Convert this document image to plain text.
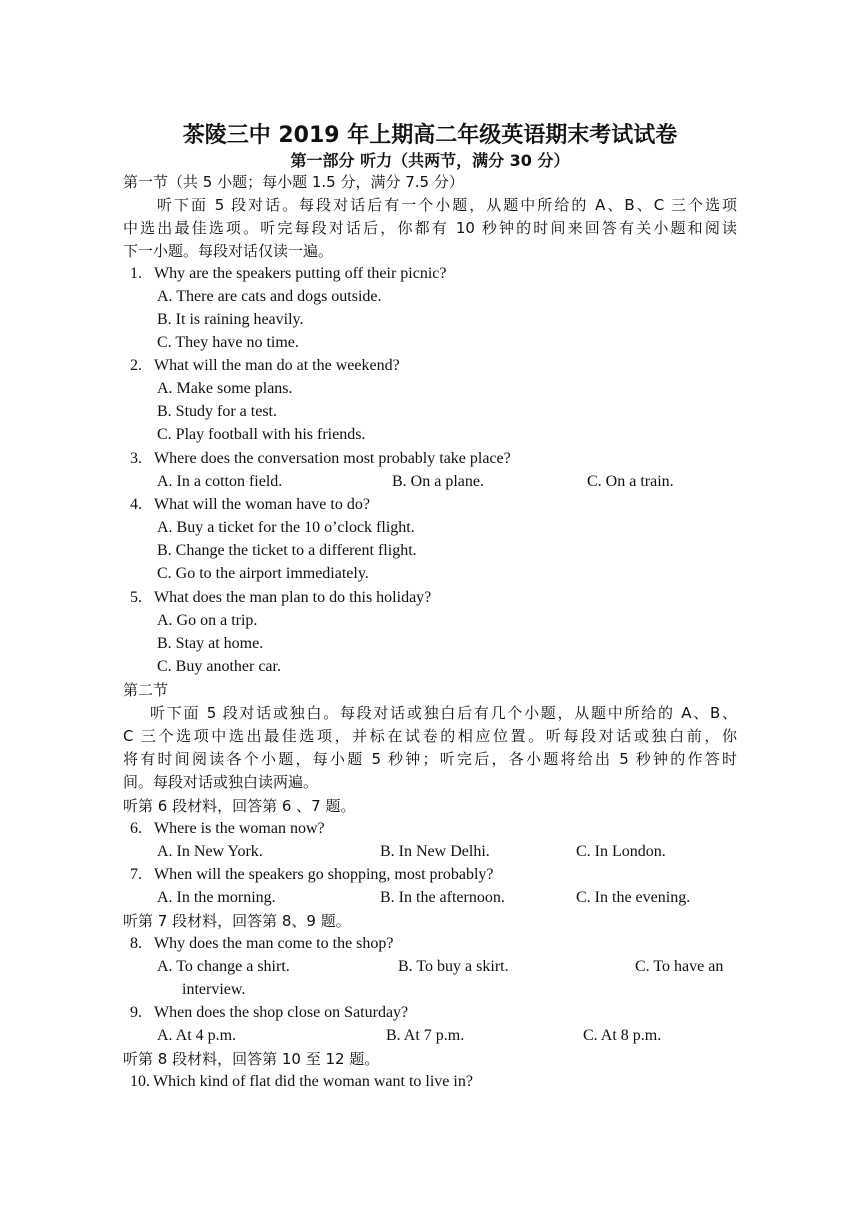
茶陵三中 2019 年上期高二年级英语期末考试试卷
第一部分 听力（共两节，满分 30 分）
第一节（共 5 小题；每小题 1.5 分，满分 7.5 分）
听下面 5 段对话。每段对话后有一个小题，从题中所给的 A、B、C 三个选项
中选出最佳选项。听完每段对话后，你都有 10 秒钟的时间来回答有关小题和阅读
下一小题。每段对话仅读一遍。
1. Why are the speakers putting off their picnic?
A. There are cats and dogs outside.
B. It is raining heavily.
C. They have no time.
2. What will the man do at the weekend?
A. Make some plans.
B. Study for a test.
C. Play football with his friends.
3. Where does the conversation most probably take place?
A. In a cotton field.	B. On a plane.	C. On a train.
4. What will the woman have to do?
A. Buy a ticket for the 10 o’clock flight.
B. Change the ticket to a different flight.
C. Go to the airport immediately.
5. What does the man plan to do this holiday?
A. Go on a trip.
B. Stay at home.
C. Buy another car.
第二节
听下面 5 段对话或独白。每段对话或独白后有几个小题，从题中所给的 A、B、
C 三个选项中选出最佳选项，并标在试卷的相应位置。听每段对话或独白前，你
将有时间阅读各个小题，每小题 5 秒钟；听完后，各小题将给出 5 秒钟的作答时
间。每段对话或独白读两遍。
听第 6 段材料，回答第 6 、7 题。
6. Where is the woman now?
A. In New York.	B. In New Delhi.	C. In London.
7. When will the speakers go shopping, most probably?
A. In the morning.	B. In the afternoon.	C. In the evening.
听第 7 段材料，回答第 8、9 题。
8. Why does the man come to the shop?
A. To change a shirt.	B. To buy a skirt.	C. To have an
interview.
9. When does the shop close on Saturday?
A. At 4 p.m.	B. At 7 p.m.	C. At 8 p.m.
听第 8 段材料，回答第 10 至 12 题。
10. Which kind of flat did the woman want to live in?
